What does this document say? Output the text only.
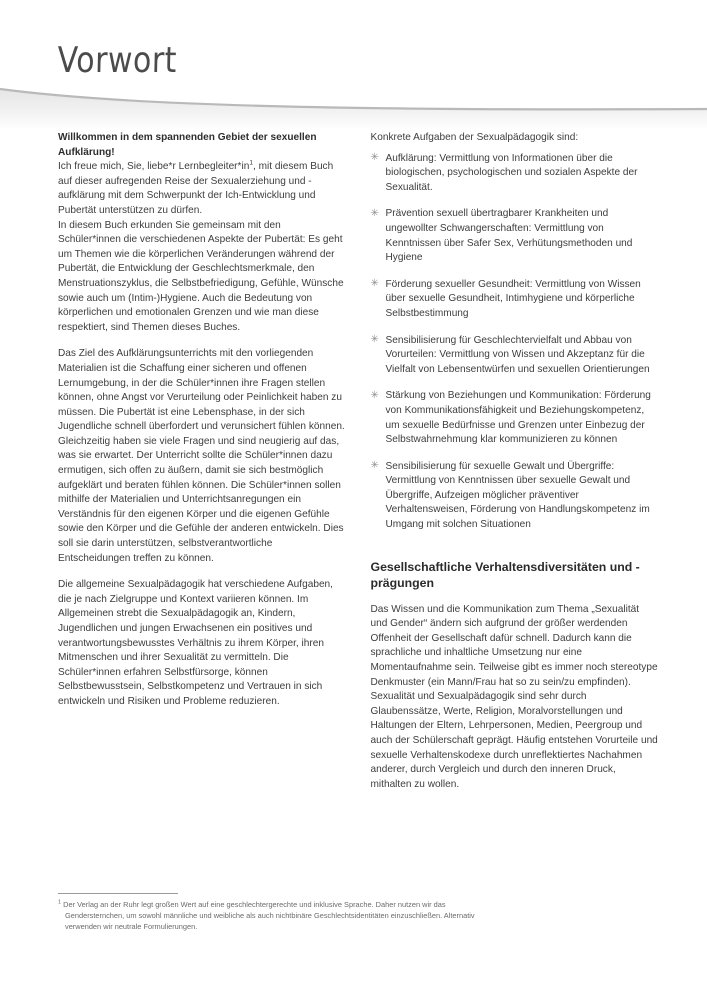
Vorwort

Willkommen in dem spannenden Gebiet der sexuellen Aufklärung!

Ich freue mich, Sie, liebe*r Lernbegleiter*in$^1$, mit diesem Buch auf dieser aufregenden Reise der Sexualerziehung und -aufklärung mit dem Schwerpunkt der Ich-Entwicklung und Pubertät unterstützen zu dürfen.

In diesem Buch erkunden Sie gemeinsam mit den Schüler*innen die verschiedenen Aspekte der Pubertät: Es geht um Themen wie die körperlichen Veränderungen während der Pubertät, die Entwicklung der Geschlechtsmerkmale, den Menstruationszyklus, die Selbstbefriedigung, Gefühle, Wünsche sowie auch um (Intim-)Hygiene. Auch die Bedeutung von körperlichen und emotionalen Grenzen und wie man diese respektiert, sind Themen dieses Buches.

Das Ziel des Aufklärungsunterrichts mit den vorliegenden Materialien ist die Schaffung einer sicheren und offenen Lernumgebung, in der die Schüler*innen ihre Fragen stellen können, ohne Angst vor Verurteilung oder Peinlichkeit haben zu müssen. Die Pubertät ist eine Lebensphase, in der sich Jugendliche schnell überfordert und verunsichert fühlen können. Gleichzeitig haben sie viele Fragen und sind neugierig auf das, was sie erwartet. Der Unterricht sollte die Schüler*innen dazu ermutigen, sich offen zu äußern, damit sie sich bestmöglich aufgeklärt und beraten fühlen können. Die Schüler*innen sollen mithilfe der Materialien und Unterrichtsanregungen ein Verständnis für den eigenen Körper und die eigenen Gefühle sowie den Körper und die Gefühle der anderen entwickeln. Dies soll sie darin unterstützen, selbstverantwortliche Entscheidungen treffen zu können.

Die allgemeine Sexualpädagogik hat verschiedene Aufgaben, die je nach Zielgruppe und Kontext variieren können. Im Allgemeinen strebt die Sexualpädagogik an, Kindern, Jugendlichen und jungen Erwachsenen ein positives und verantwortungsbewusstes Verhältnis zu ihrem Körper, ihren Mitmenschen und ihrer Sexualität zu vermitteln. Die Schüler*innen erfahren Selbstfürsorge, können Selbstbewusstsein, Selbstkompetenz und Vertrauen in sich entwickeln und Risiken und Probleme reduzieren.

Konkrete Aufgaben der Sexualpädagogik sind:

✳ Aufklärung: Vermittlung von Informationen über die biologischen, psychologischen und sozialen Aspekte der Sexualität.
✳ Prävention sexuell übertragbarer Krankheiten und ungewollter Schwangerschaften: Vermittlung von Kenntnissen über Safer Sex, Verhütungsmethoden und Hygiene
✳ Förderung sexueller Gesundheit: Vermittlung von Wissen über sexuelle Gesundheit, Intimhygiene und körperliche Selbstbestimmung
✳ Sensibilisierung für Geschlechtervielfalt und Abbau von Vorurteilen: Vermittlung von Wissen und Akzeptanz für die Vielfalt von Lebensentwürfen und sexuellen Orientierungen
✳ Stärkung von Beziehungen und Kommunikation: Förderung von Kommunikationsfähigkeit und Beziehungskompetenz, um sexuelle Bedürfnisse und Grenzen unter Einbezug der Selbstwahrnehmung klar kommunizieren zu können
✳ Sensibilisierung für sexuelle Gewalt und Übergriffe: Vermittlung von Kenntnissen über sexuelle Gewalt und Übergriffe, Aufzeigen möglicher präventiver Verhaltensweisen, Förderung von Handlungskompetenz im Umgang mit solchen Situationen
Gesellschaftliche Verhaltensdiversitäten und -prägungen

Das Wissen und die Kommunikation zum Thema „Sexualität und Gender“ ändern sich aufgrund der größer werdenden Offenheit der Gesellschaft dafür schnell. Dadurch kann die sprachliche und inhaltliche Umsetzung nur eine Momentaufnahme sein. Teilweise gibt es immer noch stereotype Denkmuster (ein Mann/Frau hat so zu sein/zu empfinden). Sexualität und Sexualpädagogik sind sehr durch Glaubenssätze, Werte, Religion, Moralvorstellungen und Haltungen der Eltern, Lehrpersonen, Medien, Peergroup und auch der Schülerschaft geprägt. Häufig entstehen Vorurteile und sexuelle Verhaltenskodexe durch unreflektiertes Nachahmen anderer, durch Vergleich und durch den inneren Druck, mithalten zu wollen.

$^1$ Der Verlag an der Ruhr legt großen Wert auf eine geschlechtergerechte und inklusive Sprache. Daher nutzen wir das Gendersternchen, um sowohl männliche und weibliche als auch nichtbinäre Geschlechtsidentitäten einzuschließen. Alternativ verwenden wir neutrale Formulierungen.
